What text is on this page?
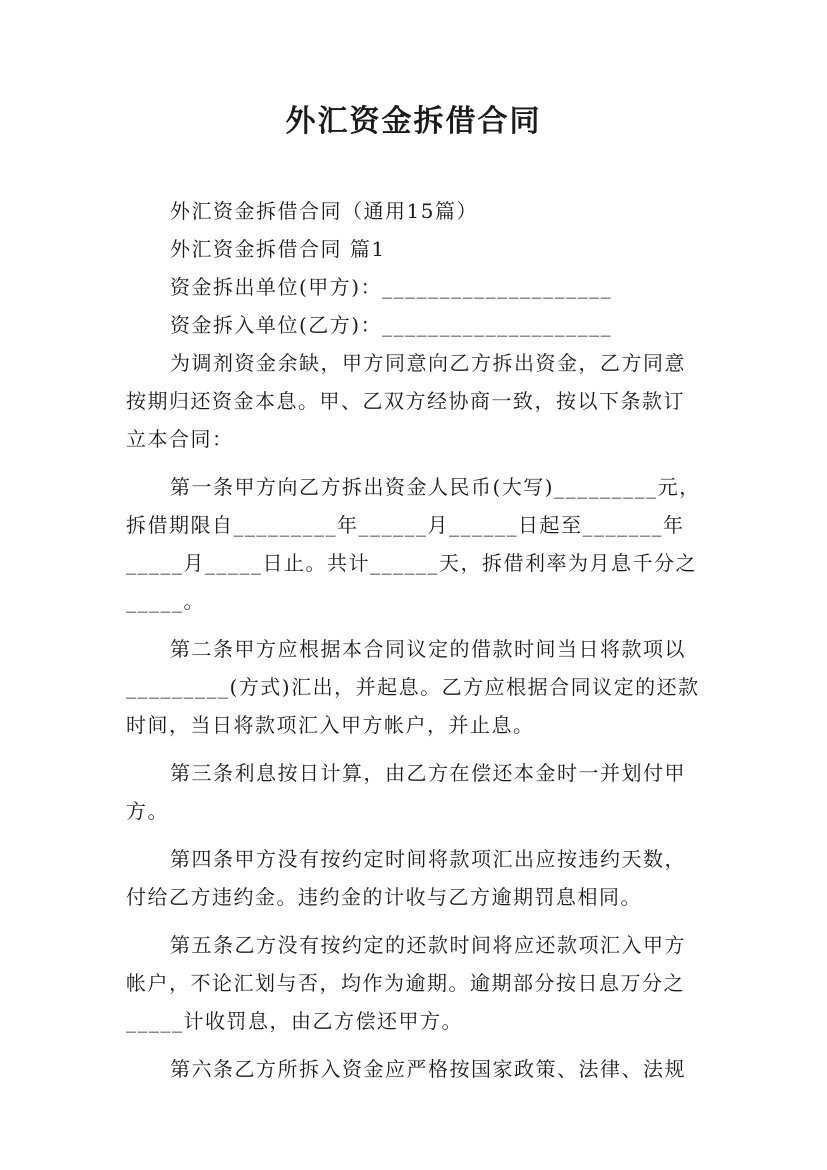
外汇资金拆借合同

外汇资金拆借合同（通用15篇）

外汇资金拆借合同 篇1

资金拆出单位(甲方)：____________________

资金拆入单位(乙方)：____________________

为调剂资金余缺，甲方同意向乙方拆出资金，乙方同意按期归还资金本息。甲、乙双方经协商一致，按以下条款订立本合同：

第一条甲方向乙方拆出资金人民币(大写)_________元，拆借期限自_________年______月______日起至_______年_____月_____日止。共计______天，拆借利率为月息千分之_____。

第二条甲方应根据本合同议定的借款时间当日将款项以_________(方式)汇出，并起息。乙方应根据合同议定的还款时间，当日将款项汇入甲方帐户，并止息。

第三条利息按日计算，由乙方在偿还本金时一并划付甲方。

第四条甲方没有按约定时间将款项汇出应按违约天数，付给乙方违约金。违约金的计收与乙方逾期罚息相同。

第五条乙方没有按约定的还款时间将应还款项汇入甲方帐户，不论汇划与否，均作为逾期。逾期部分按日息万分之_____计收罚息，由乙方偿还甲方。

第六条乙方所拆入资金应严格按国家政策、法律、法规
